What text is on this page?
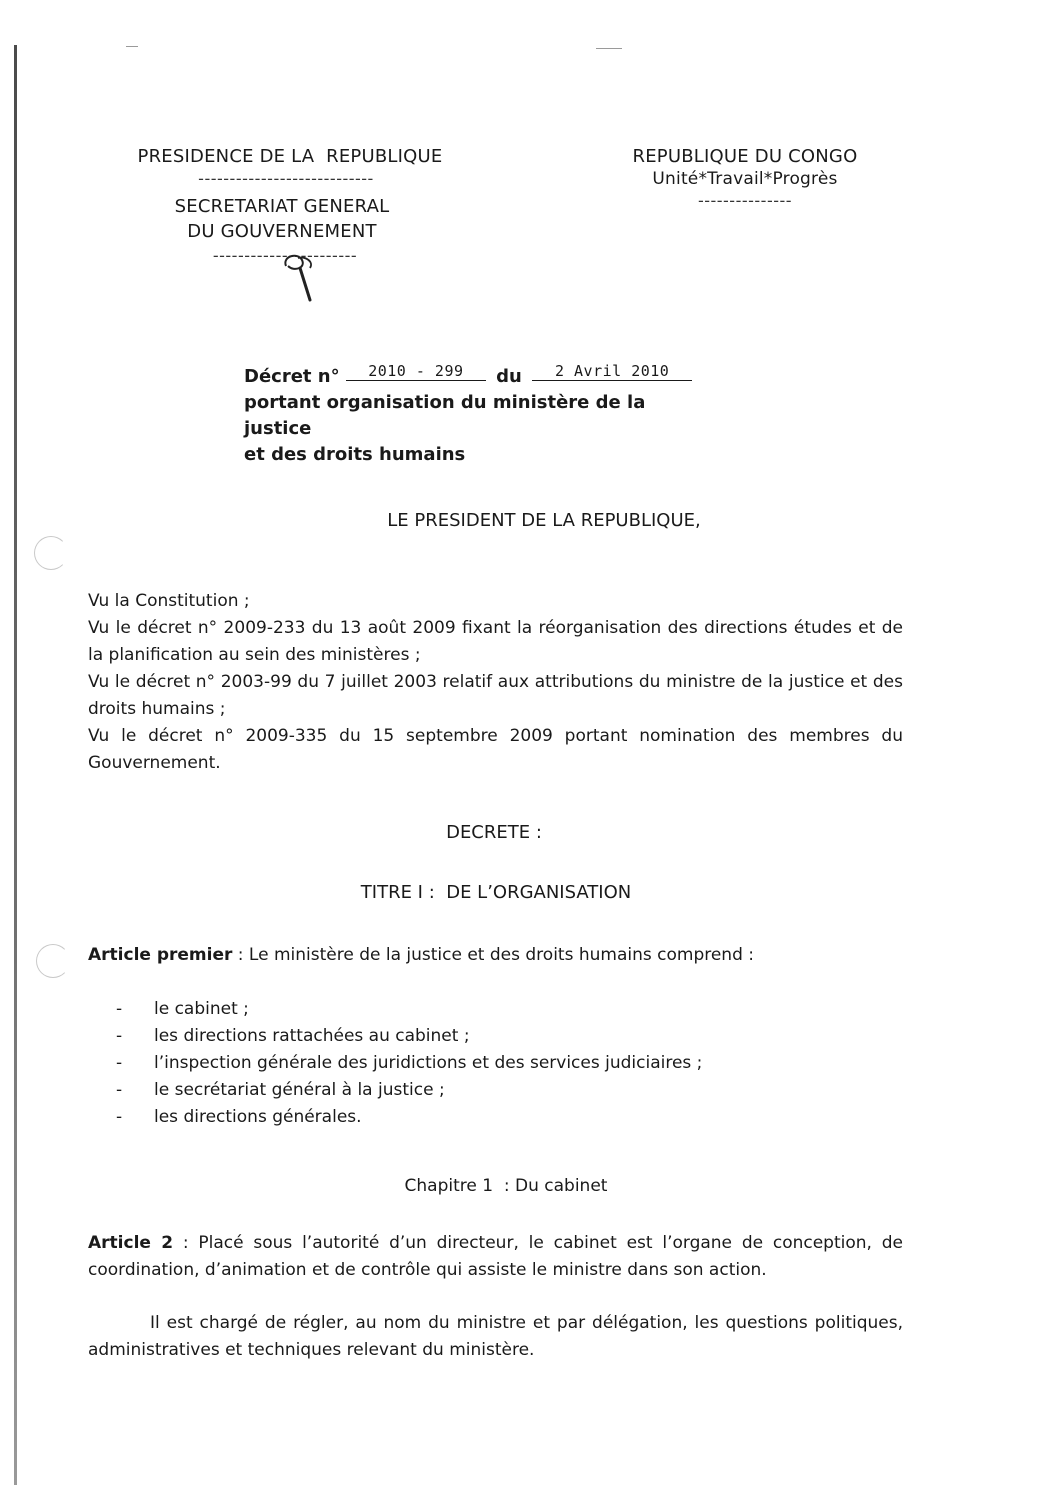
PRESIDENCE DE LA  REPUBLIQUE
----------------------------
SECRETARIAT GENERAL
DU GOUVERNEMENT
-----------------------
REPUBLIQUE DU CONGO
Unité*Travail*Progrès
---------------
Décret n° 2010 - 299 du 2 Avril 2010
portant organisation du ministère de la justice
et des droits humains
LE PRESIDENT DE LA REPUBLIQUE,
Vu la Constitution ;
Vu le décret n° 2009-233 du 13 août 2009 fixant la réorganisation des directions études et de la planification au sein des ministères ;
Vu le décret n° 2003-99 du 7 juillet 2003 relatif aux attributions du ministre de la justice et des droits humains ;
Vu le décret n° 2009-335 du 15 septembre 2009 portant nomination des membres du Gouvernement.
DECRETE :
TITRE I :  DE L’ORGANISATION
Article premier : Le ministère de la justice et des droits humains comprend :
-	le cabinet ;
-	les directions rattachées au cabinet ;
-	l’inspection générale des juridictions et des services judiciaires ;
-	le secrétariat général à la justice ;
-	les directions générales.
Chapitre 1  : Du cabinet
Article 2 : Placé sous l’autorité d’un directeur, le cabinet est l’organe de conception, de coordination, d’animation et de contrôle qui assiste le ministre dans son action.
Il est chargé de régler, au nom du ministre et par délégation, les questions politiques, administratives et techniques relevant du ministère.
